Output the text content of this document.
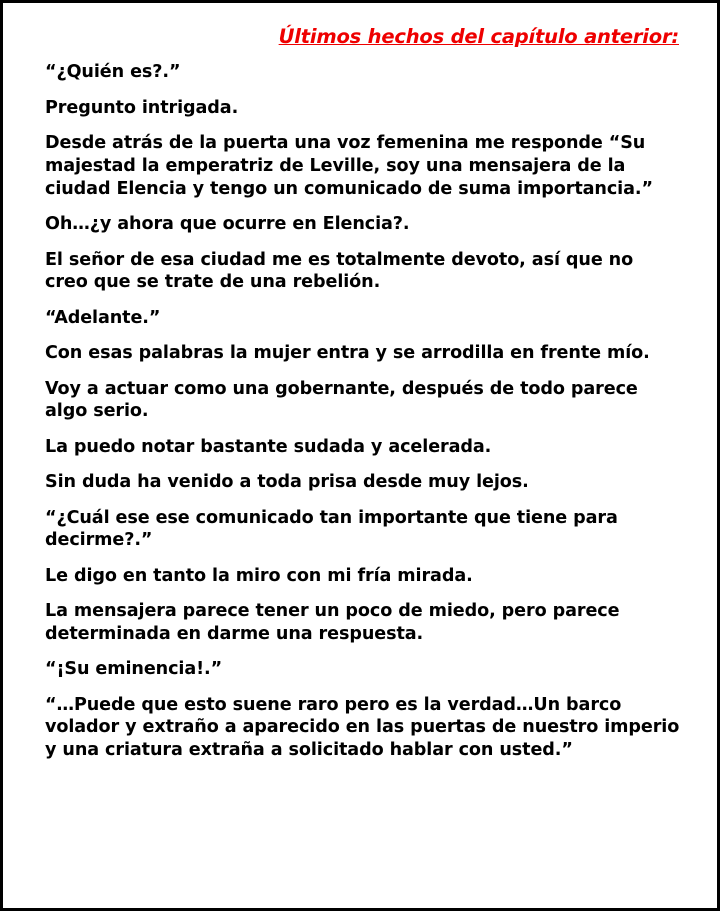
Últimos hechos del capítulo anterior:

“¿Quién es?.”

Pregunto intrigada.

Desde atrás de la puerta una voz femenina me responde “Su majestad la emperatriz de Leville, soy una mensajera de la ciudad Elencia y tengo un comunicado de suma importancia.”

Oh…¿y ahora que ocurre en Elencia?.

El señor de esa ciudad me es totalmente devoto, así que no creo que se trate de una rebelión.

“Adelante.”

Con esas palabras la mujer entra y se arrodilla en frente mío.

Voy a actuar como una gobernante, después de todo parece algo serio.

La puedo notar bastante sudada y acelerada.

Sin duda ha venido a toda prisa desde muy lejos.

“¿Cuál ese ese comunicado tan importante que tiene para decirme?.”

Le digo en tanto la miro con mi fría mirada.

La mensajera parece tener un poco de miedo, pero parece determinada en darme una respuesta.

“¡Su eminencia!.”

“…Puede que esto suene raro pero es la verdad…Un barco volador y extraño a aparecido en las puertas de nuestro imperio y una criatura extraña a solicitado hablar con usted.”
